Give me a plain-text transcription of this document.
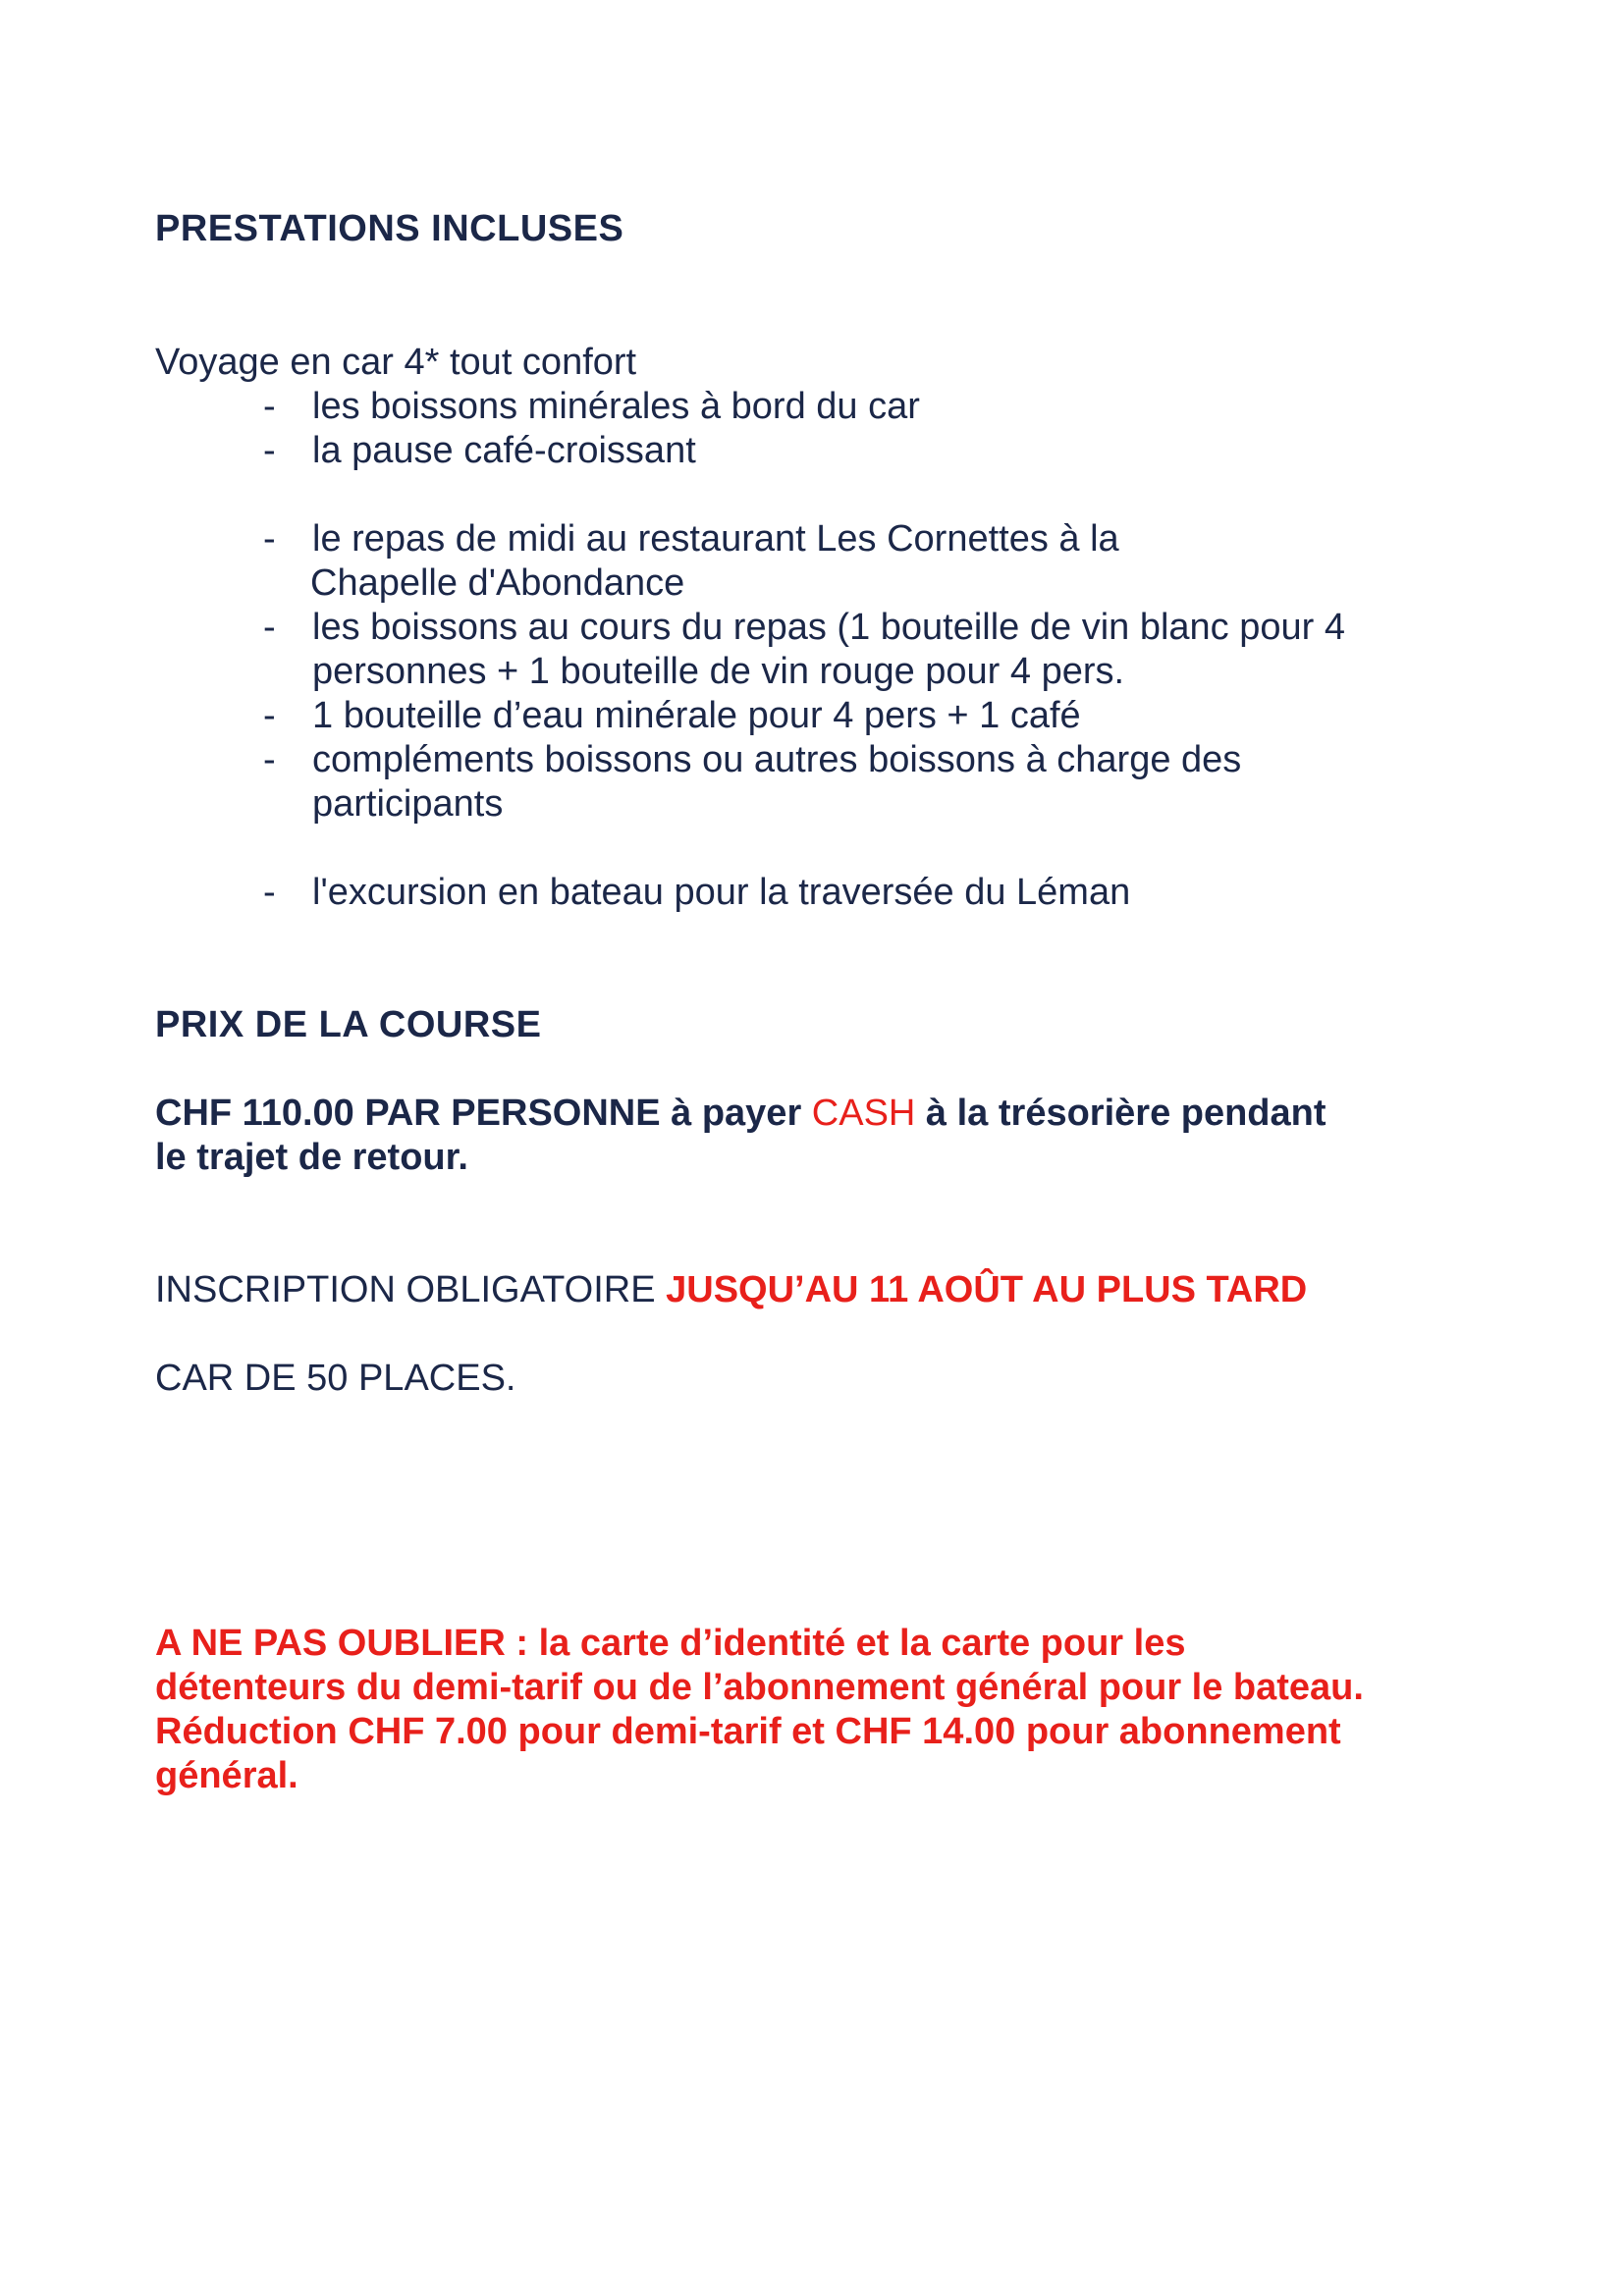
PRESTATIONS INCLUSES
Voyage en car 4* tout confort
- les boissons minérales à bord du car
- la pause café-croissant
- le repas de midi au restaurant Les Cornettes à la
Chapelle d'Abondance
- les boissons au cours du repas (1 bouteille de vin blanc pour 4
personnes + 1 bouteille de vin rouge pour 4 pers.
- 1 bouteille d’eau minérale pour 4 pers + 1 café
- compléments boissons ou autres boissons à charge des
participants
- l'excursion en bateau pour la traversée du Léman
PRIX DE LA COURSE
CHF 110.00 PAR PERSONNE à payer CASH à la trésorière pendant
le trajet de retour.
INSCRIPTION OBLIGATOIRE JUSQU’AU 11 AOÛT AU PLUS TARD
CAR DE 50 PLACES.
A NE PAS OUBLIER : la carte d’identité et la carte pour les
détenteurs du demi-tarif ou de l’abonnement général pour le bateau.
Réduction CHF 7.00 pour demi-tarif et CHF 14.00 pour abonnement
général.
